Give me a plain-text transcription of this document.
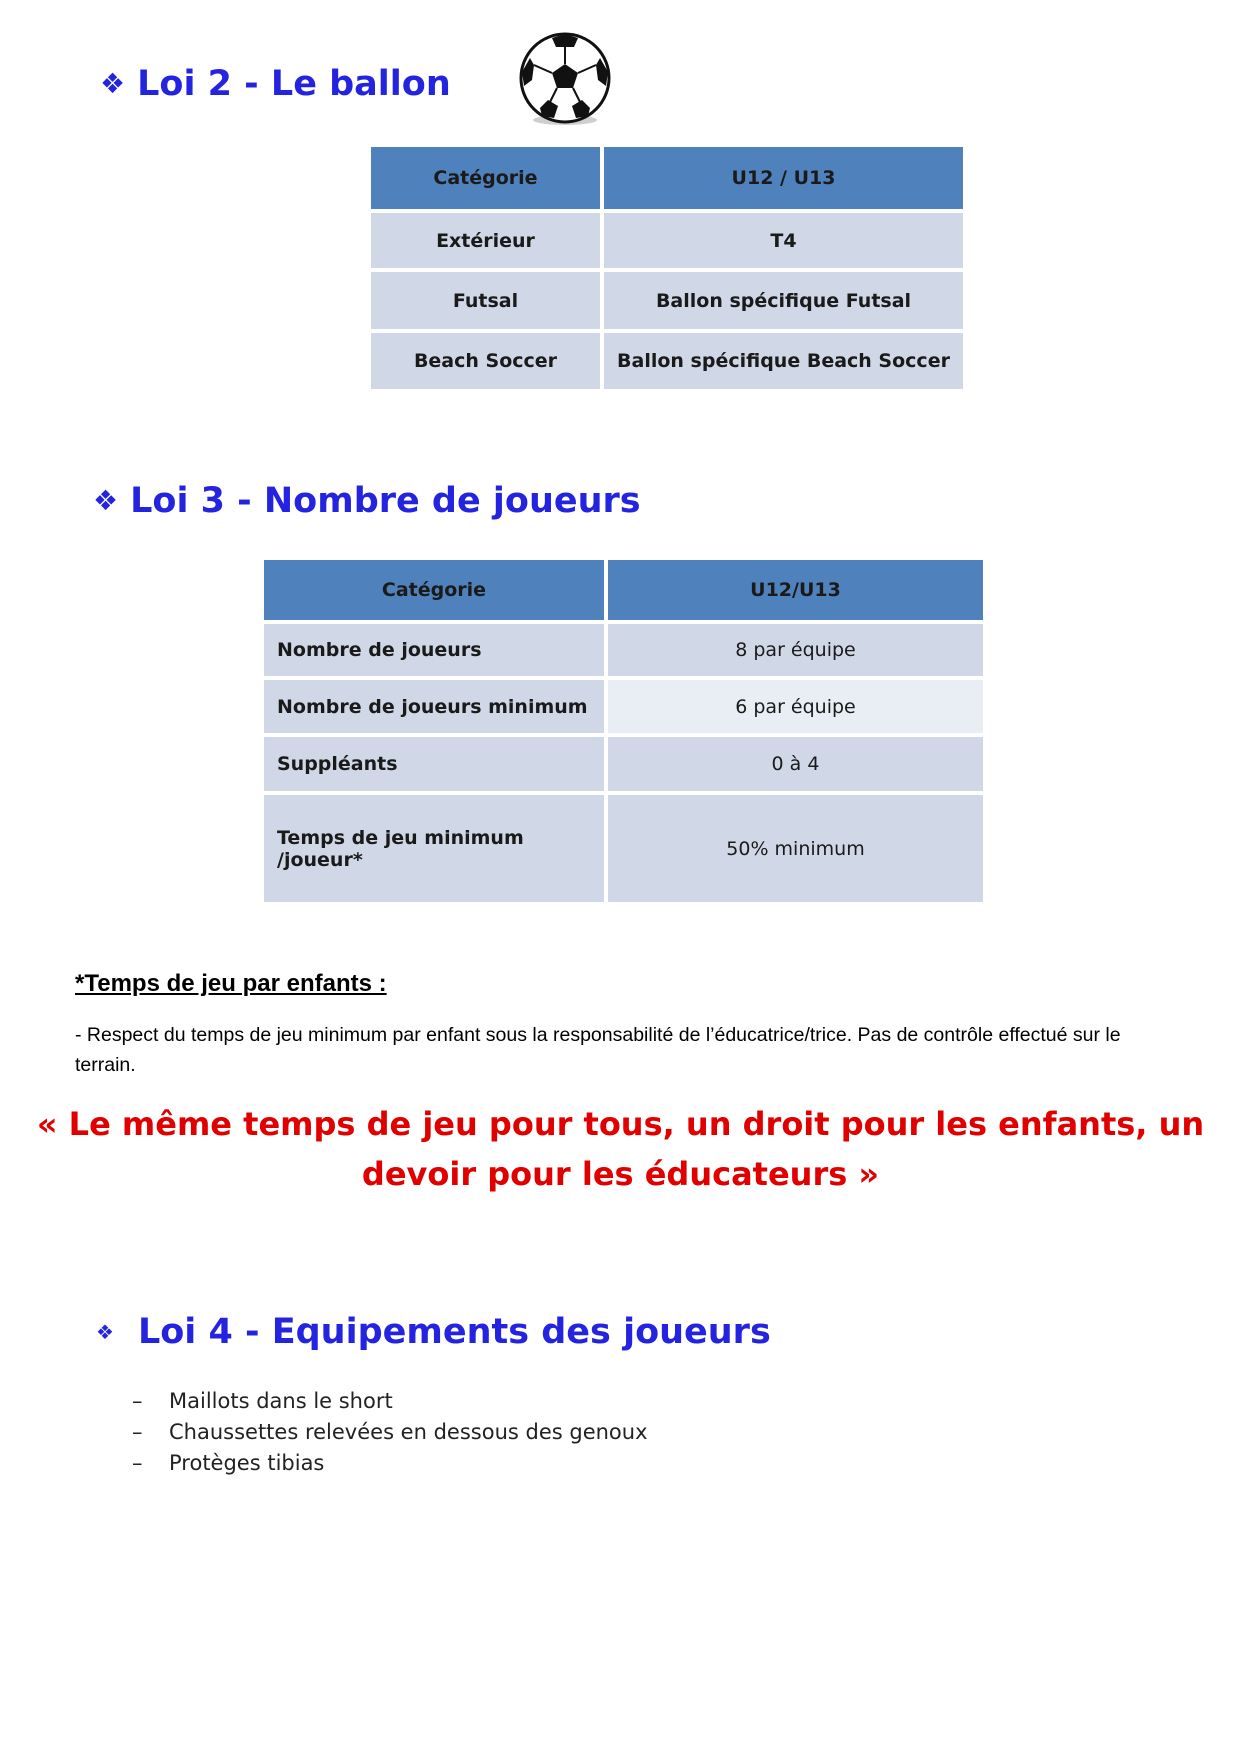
❖ Loi 2 - Le ballon
Catégorie	U12 / U13
Extérieur	T4
Futsal	Ballon spécifique Futsal
Beach Soccer	Ballon spécifique Beach Soccer
❖ Loi 3 - Nombre de joueurs
Catégorie	U12/U13
Nombre de joueurs	8 par équipe
Nombre de joueurs minimum	6 par équipe
Suppléants	0 à 4
Temps de jeu minimum /joueur*	50% minimum
*Temps de jeu par enfants :
- Respect du temps de jeu minimum par enfant sous la responsabilité de l’éducatrice/trice. Pas de contrôle effectué sur le terrain.
« Le même temps de jeu pour tous, un droit pour les enfants, un
devoir pour les éducateurs »
❖ Loi 4 - Equipements des joueurs
– Maillots dans le short
– Chaussettes relevées en dessous des genoux
– Protèges tibias
